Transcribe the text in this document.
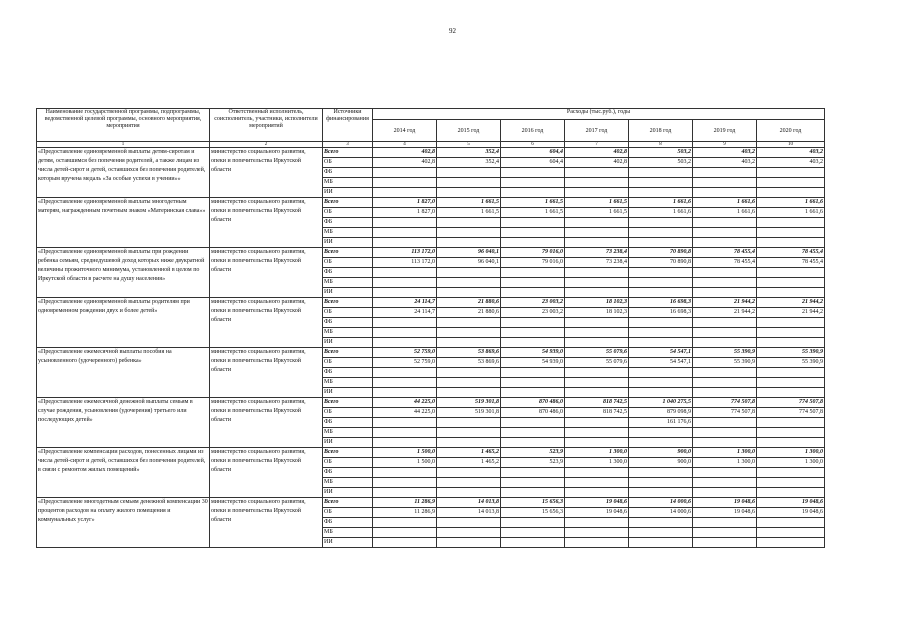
92
Наименование государственной программы, подпрограммы, ведомственной целевой программы, основного мероприятия, мероприятия	Ответственный исполнитель, соисполнитель, участники, исполнители мероприятий	Источники финансирования	Расходы (тыс.руб.), годы						
			2014 год	2015 год	2016 год	2017 год	2018 год	2019 год	2020 год
1	2	3	4	5	6	7	8	9	10
«Предоставление единовременной выплаты детям-сиротам и детям, оставшимся без попечения родителей, а также лицам из числа детей-сирот и детей, оставшихся без попечения родителей, которым вручена медаль «За особые успехи в учении»»	министерство социального развития, опеки и попечительства Иркутской области	Всего	402,8	352,4	604,4	402,8	503,2	403,2	403,2
		ОБ	402,8	352,4	604,4	402,8	503,2	403,2	403,2
		ФБ							
		МБ							
		ИИ							
«Предоставление единовременной выплаты многодетным матерям, награжденным почетным знаком «Материнская слава»»	министерство социального развития, опеки и попечительства Иркутской области	Всего	1 827,0	1 661,5	1 661,5	1 661,5	1 661,6	1 661,6	1 661,6
		ОБ	1 827,0	1 661,5	1 661,5	1 661,5	1 661,6	1 661,6	1 661,6
		ФБ							
		МБ							
		ИИ							
«Предоставление единовременной выплаты при рождении ребенка семьям, среднедушевой доход которых ниже двукратной величины прожиточного минимума, установленной в целом по Иркутской области в расчете на душу населения»	министерство социального развития, опеки и попечительства Иркутской области	Всего	113 172,0	96 040,1	79 016,0	73 238,4	70 890,8	78 455,4	78 455,4
		ОБ	113 172,0	96 040,1	79 016,0	73 238,4	70 890,8	78 455,4	78 455,4
		ФБ							
		МБ							
		ИИ							
«Предоставление единовременной выплаты родителям при одновременном рождении двух и более детей»	министерство социального развития, опеки и попечительства Иркутской области	Всего	24 114,7	21 880,6	23 003,2	18 102,3	16 698,3	21 944,2	21 944,2
		ОБ	24 114,7	21 880,6	23 003,2	18 102,3	16 698,3	21 944,2	21 944,2
		ФБ							
		МБ							
		ИИ							
«Предоставление ежемесячной выплаты пособия на усыновленного (удочеренного) ребенка»	министерство социального развития, опеки и попечительства Иркутской области	Всего	52 759,0	53 869,6	54 939,0	55 079,6	54 547,1	55 390,9	55 390,9
		ОБ	52 759,0	53 869,6	54 939,0	55 079,6	54 547,1	55 390,9	55 390,9
		ФБ							
		МБ							
		ИИ							
«Предоставление ежемесячной денежной выплаты семьям в случае рождения, усыновления (удочерения) третьего или последующих детей»	министерство социального развития, опеки и попечительства Иркутской области	Всего	44 225,0	519 301,8	870 486,0	818 742,5	1 040 275,5	774 507,8	774 507,8
		ОБ	44 225,0	519 301,8	870 486,0	818 742,5	879 098,9	774 507,8	774 507,8
		ФБ					161 176,6		
		МБ							
		ИИ							
«Предоставление компенсации расходов, понесенных лицами из числа детей-сирот и детей, оставшихся без попечения родителей, в связи с ремонтом жилых помещений»	министерство социального развития, опеки и попечительства Иркутской области	Всего	1 500,0	1 465,2	523,9	1 300,0	900,0	1 300,0	1 300,0
		ОБ	1 500,0	1 465,2	523,9	1 300,0	900,0	1 300,0	1 300,0
		ФБ							
		МБ							
		ИИ							
«Предоставление многодетным семьям денежной компенсации 30 процентов расходов на оплату жилого помещения и коммунальных услуг»	министерство социального развития, опеки и попечительства Иркутской области	Всего	11 286,9	14 013,8	15 656,3	19 048,6	14 000,6	19 048,6	19 048,6
		ОБ	11 286,9	14 013,8	15 656,3	19 048,6	14 000,6	19 048,6	19 048,6
		ФБ							
		МБ							
		ИИ							
